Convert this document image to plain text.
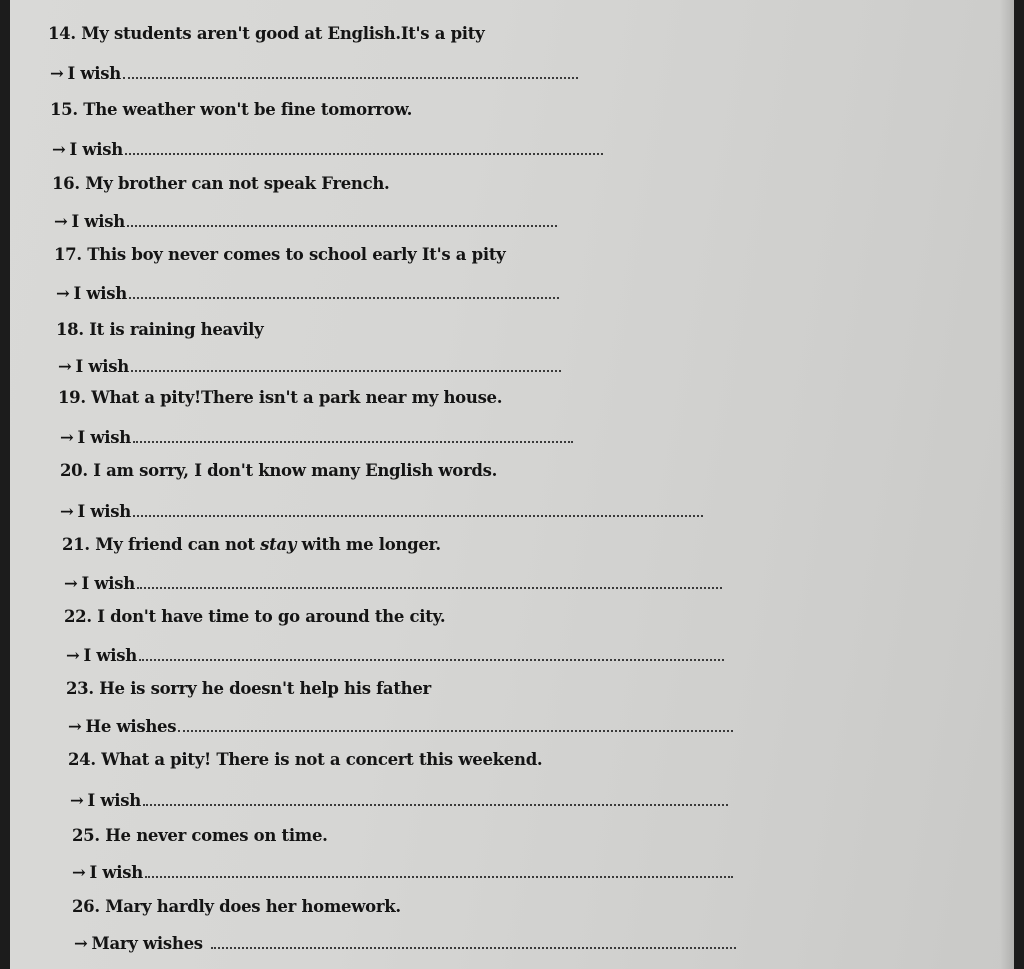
14. My students aren't good at English.It's a pity
→ I wish
15. The weather won't be fine tomorrow.
→ I wish
16. My brother can not speak French.
→ I wish
17. This boy never comes to school early It's a pity
→ I wish
18. It is raining heavily
→ I wish
19. What a pity!There isn't a park near my house.
→ I wish
20. I am sorry, I don't know many English words.
→ I wish
21. My friend can not stay with me longer.
→ I wish
22. I don't have time to go around the city.
→ I wish
23. He is sorry he doesn't help his father
→ He wishes
24. What a pity! There is not a concert this weekend.
→ I wish
25. He never comes on time.
→ I wish
26. Mary hardly does her homework.
→ Mary wishes
